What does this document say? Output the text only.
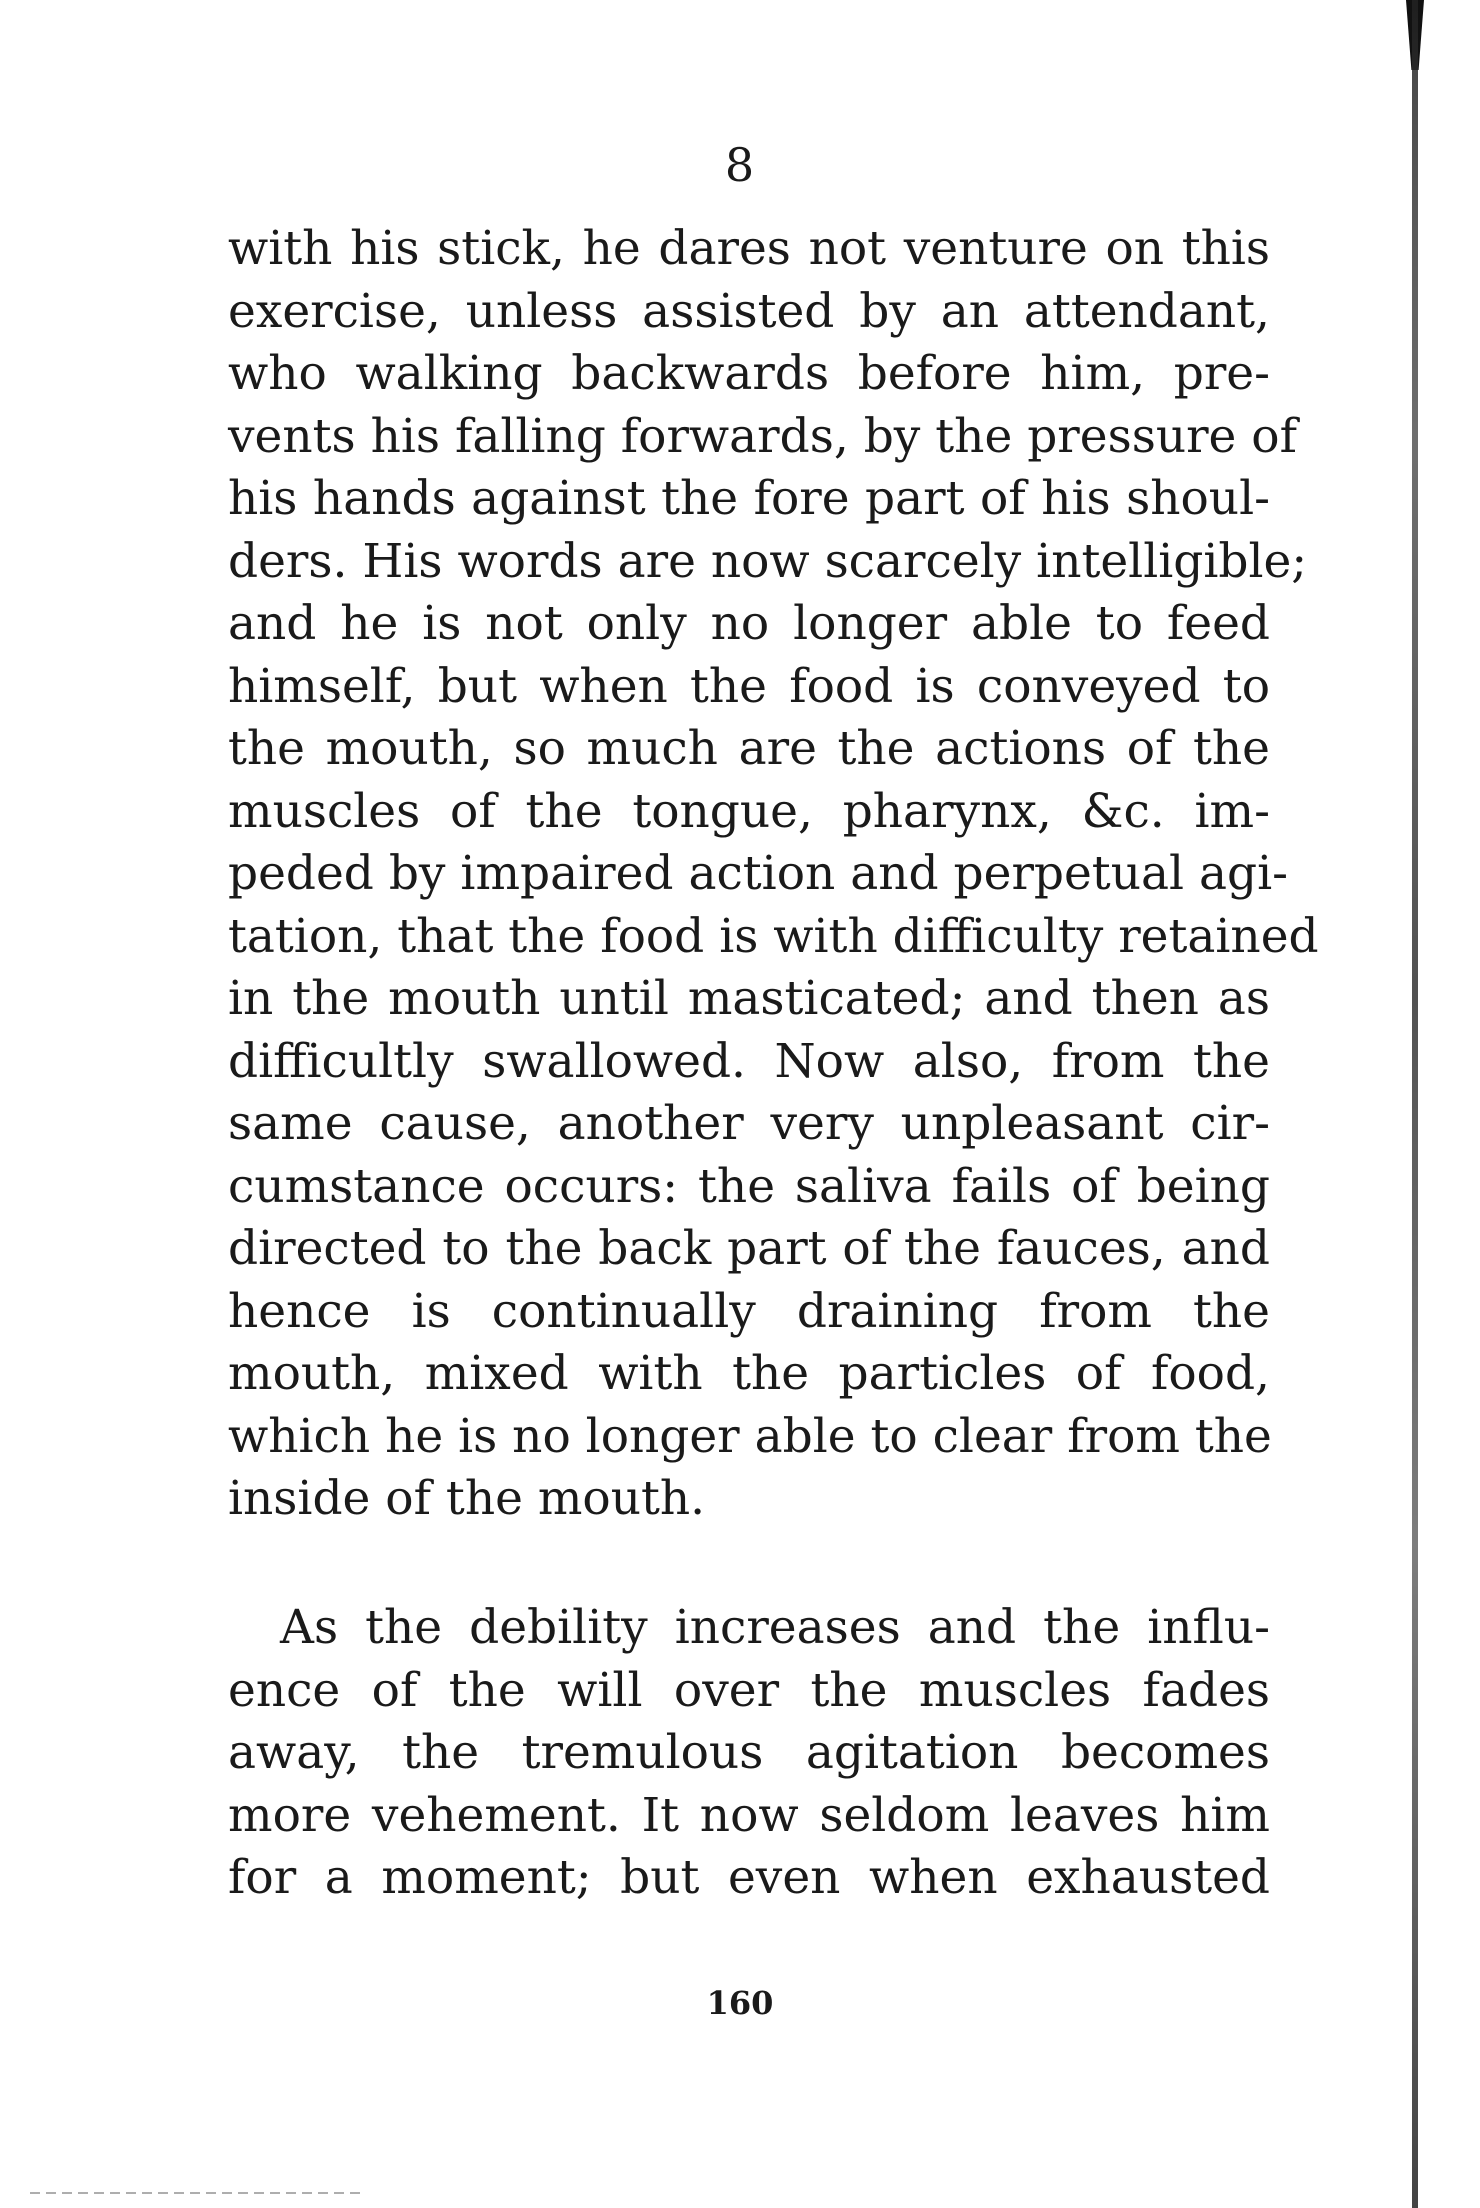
8
with his stick, he dares not venture on this
exercise, unless assisted by an attendant,
who walking backwards before him, pre-
vents his falling forwards, by the pressure of
his hands against the fore part of his shoul-
ders. His words are now scarcely intelligible;
and he is not only no longer able to feed
himself, but when the food is conveyed to
the mouth, so much are the actions of the
muscles of the tongue, pharynx, &c. im-
peded by impaired action and perpetual agi-
tation, that the food is with difficulty retained
in the mouth until masticated; and then as
difficultly swallowed. Now also, from the
same cause, another very unpleasant cir-
cumstance occurs: the saliva fails of being
directed to the back part of the fauces, and
hence is continually draining from the
mouth, mixed with the particles of food,
which he is no longer able to clear from the
inside of the mouth.
As the debility increases and the influ-
ence of the will over the muscles fades
away, the tremulous agitation becomes
more vehement. It now seldom leaves him
for a moment; but even when exhausted
160
